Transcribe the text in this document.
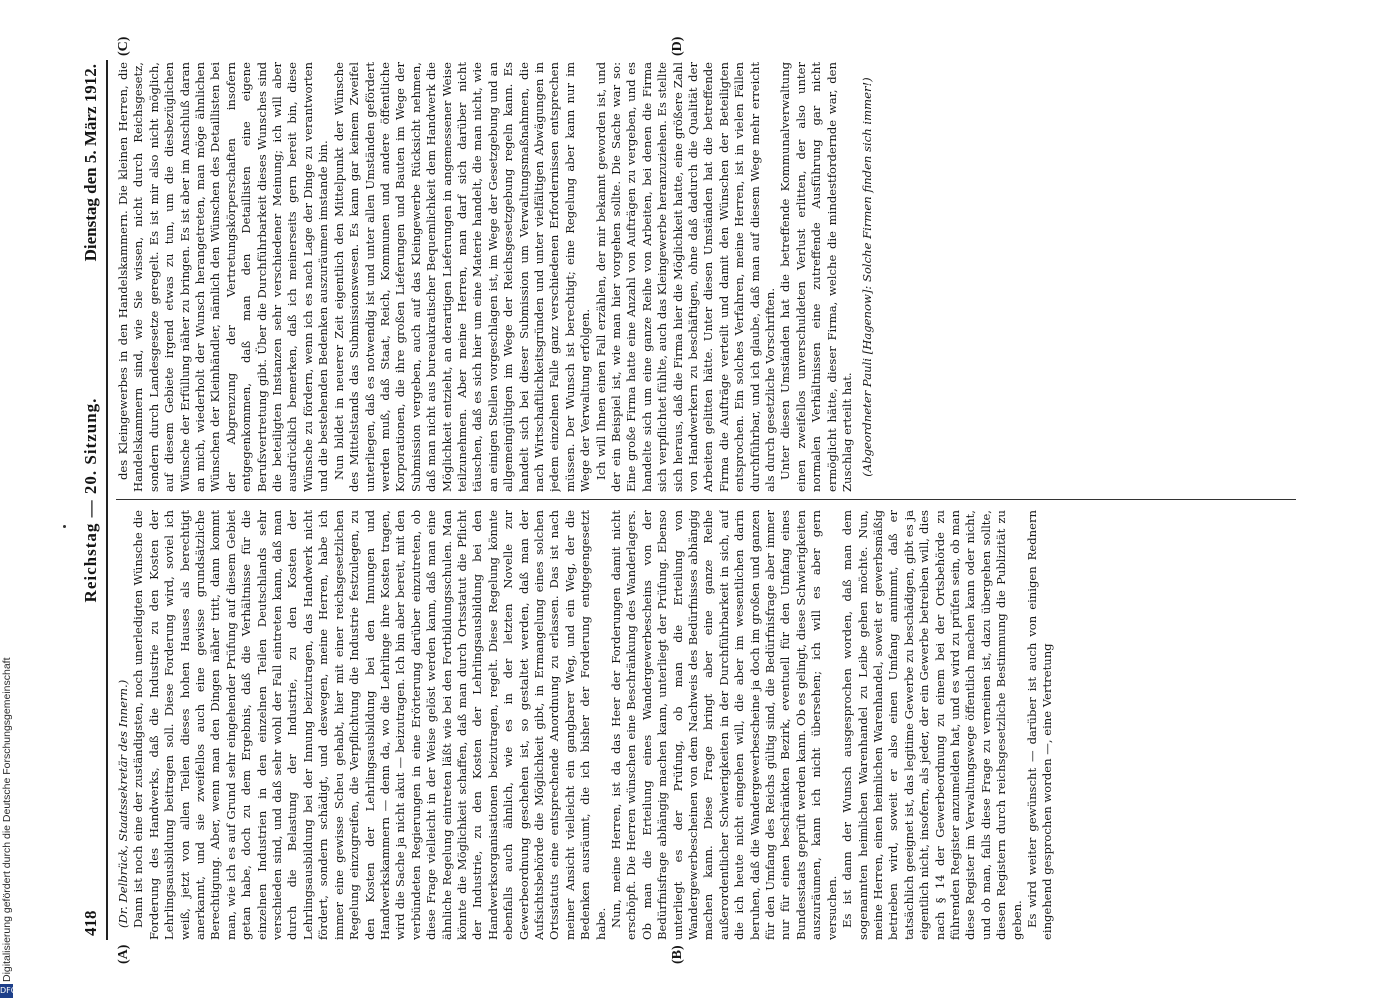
418
Reichstag — 20. Sitzung.
Dienstag den 5. März 1912.
(A)	(B)
(C)	(D)

(Dr. Delbrück, Staatssekretär des Innern.) Dann ist noch eine der zuständigsten, noch unerledigten Wünsche die Forderung des Handwerks, daß die Industrie zu den Kosten der Lehrlingsausbildung beitragen soll. Diese Forderung wird, soviel ich weiß, jetzt von allen Teilen dieses hohen Hauses als berechtigt anerkannt, und sie zweifellos auch eine gewisse grundsätzliche Berechtigung. Aber, wenn man den Dingen näher tritt, dann kommt man, wie ich es auf Grund sehr eingehender Prüfung auf diesem Gebiet getan habe, doch zu dem Ergebnis, daß die Verhältnisse für die einzelnen Industrien in den einzelnen Teilen Deutschlands sehr verschieden sind, und daß sehr wohl der Fall eintreten kann, daß man durch die Belastung der Industrie, zu den Kosten der Lehrlingsausbildung bei der Innung beizutragen, das Handwerk nicht fördert, sondern schädigt, und deswegen, meine Herren, habe ich immer eine gewisse Scheu gehabt, hier mit einer reichsgesetzlichen Regelung einzugreifen, die Verpflichtung die Industrie festzulegen, zu den Kosten der Lehrlingsausbildung bei den Innungen und Handwerkskammern — denn da, wo die Lehrlinge ihre Kosten tragen, wird die Sache ja nicht akut — beizutragen. Ich bin aber bereit, mit den verbündeten Regierungen in eine Erörterung darüber einzutreten, ob diese Frage vielleicht in der Weise gelöst werden kann, daß man eine ähnliche Regelung eintreten läßt wie bei den Fortbildungsschulen. Man könnte die Möglichkeit schaffen, daß man durch Ortsstatut die Pflicht der Industrie, zu den Kosten der Lehrlingsausbildung bei den Handwerksorganisationen beizutragen, regelt. Diese Regelung könnte ebenfalls auch ähnlich, wie es in der letzten Novelle zur Gewerbeordnung geschehen ist, so gestaltet werden, daß man der Aufsichtsbehörde die Möglichkeit gibt, in Ermangelung eines solchen Ortsstatuts eine entsprechende Anordnung zu erlassen. Das ist nach meiner Ansicht vielleicht ein gangbarer Weg, und ein Weg, der die Bedenken ausräumt, die ich bisher der Forderung entgegengesetzt habe. Nun, meine Herren, ist da das Heer der Forderungen damit nicht erschöpft. Die Herren wünschen eine Beschränkung des Wanderlagers. Ob man die Erteilung eines Wandergewerbescheins von der Bedürfnisfrage abhängig machen kann, unterliegt der Prüfung. Ebenso unterliegt es der Prüfung, ob man die Erteilung von Wandergewerbescheinen von dem Nachweis des Bedürfnisses abhängig machen kann. Diese Frage bringt aber eine ganze Reihe außerordentlicher Schwierigkeiten in der Durchführbarkeit in sich, auf die ich heute nicht eingehen will, die aber im wesentlichen darin beruhen, daß die Wandergewerbescheine ja doch im großen und ganzen für den Umfang des Reichs gültig sind, die Bedürfnisfrage aber immer nur für einen beschränkten Bezirk, eventuell für den Umfang eines Bundesstaats geprüft werden kann. Ob es gelingt, diese Schwierigkeiten auszuräumen, kann ich nicht übersehen; ich will es aber gern versuchen. Es ist dann der Wunsch ausgesprochen worden, daß man dem sogenannten heimlichen Warenhandel zu Leibe gehen möchte. Nun, meine Herren, einen heimlichen Warenhandel, soweit er gewerbsmäßig betrieben wird, soweit er also einen Umfang annimmt, daß er tatsächlich geeignet ist, das legitime Gewerbe zu beschädigen, gibt es ja eigentlich nicht, insofern, als jeder, der ein Gewerbe betreiben will, dies nach § 14 der Gewerbeordnung zu einem bei der Ortsbehörde zu führenden Register anzumelden hat, und es wird zu prüfen sein, ob man diese Register im Verwaltungswege öffentlich machen kann oder nicht, und ob man, falls diese Frage zu verneinen ist, dazu übergehen sollte, diesen Registern durch reichsgesetzliche Bestimmung die Publizität zu geben. Es wird weiter gewünscht — darüber ist auch von einigen Rednern eingehend gesprochen worden —, eine Vertretung

des Kleingewerbes in den Handelskammern. Die kleinen Herren, die Handelskammern sind, wie Sie wissen, nicht durch Reichsgesetz, sondern durch Landesgesetze geregelt. Es ist mir also nicht möglich, auf diesem Gebiete irgend etwas zu tun, um die diesbezüglichen Wünsche der Erfüllung näher zu bringen. Es ist aber im Anschluß daran an mich, wiederholt der Wunsch herangetreten, man möge ähnlichen Wünschen der Kleinhändler, nämlich den Wünschen des Detaillisten bei der Abgrenzung der Vertretungskörperschaften insofern entgegenkommen, daß man den Detaillisten eine eigene Berufsvertretung gibt. Über die Durchführbarkeit dieses Wunsches sind die beteiligten Instanzen sehr verschiedener Meinung; ich will aber ausdrücklich bemerken, daß ich meinerseits gern bereit bin, diese Wünsche zu fördern, wenn ich es nach Lage der Dinge zu verantworten und die bestehenden Bedenken auszuräumen imstande bin. Nun bildet in neuerer Zeit eigentlich den Mittelpunkt der Wünsche des Mittelstands das Submissionswesen. Es kann gar keinem Zweifel unterliegen, daß es notwendig ist und unter allen Umständen gefördert werden muß, daß Staat, Reich, Kommunen und andere öffentliche Korporationen, die ihre großen Lieferungen und Bauten im Wege der Submission vergeben, auch auf das Kleingewerbe Rücksicht nehmen, daß man nicht aus bureaukratischer Bequemlichkeit dem Handwerk die Möglichkeit entzieht, an derartigen Lieferungen in angemessener Weise teilzunehmen. Aber meine Herren, man darf sich darüber nicht täuschen, daß es sich hier um eine Materie handelt, die man nicht, wie an einigen Stellen vorgeschlagen ist, im Wege der Gesetzgebung und an allgemeingültigen im Wege der Reichsgesetzgebung regeln kann. Es handelt sich bei dieser Submission um Verwaltungsmaßnahmen, die nach Wirtschaftlichkeitsgründen und unter vielfältigen Abwägungen in jedem einzelnen Falle ganz verschiedenen Erfordernissen entsprechen müssen. Der Wunsch ist berechtigt; eine Regelung aber kann nur im Wege der Verwaltung erfolgen. Ich will Ihnen einen Fall erzählen, der mir bekannt geworden ist, und der ein Beispiel ist, wie man hier vorgehen sollte. Die Sache war so: Eine große Firma hatte eine Anzahl von Aufträgen zu vergeben, und es handelte sich um eine ganze Reihe von Arbeiten, bei denen die Firma sich verpflichtet fühlte, auch das Kleingewerbe heranzuziehen. Es stellte sich heraus, daß die Firma hier die Möglichkeit hatte, eine größere Zahl von Handwerkern zu beschäftigen, ohne daß dadurch die Qualität der Arbeiten gelitten hätte. Unter diesen Umständen hat die betreffende Firma die Aufträge verteilt und damit den Wünschen der Beteiligten entsprochen. Ein solches Verfahren, meine Herren, ist in vielen Fällen durchführbar, und ich glaube, daß man auf diesem Wege mehr erreicht als durch gesetzliche Vorschriften. Unter diesen Umständen hat die betreffende Kommunalverwaltung einen zweifellos unverschuldeten Verlust erlitten, der also unter normalen Verhältnissen eine zutreffende Ausführung gar nicht ermöglicht hätte, dieser Firma, welche die mindestfordernde war, den Zuschlag erteilt hat. (Abgeordneter Pauli [Hagenow]: Solche Firmen finden sich immer!)

Digitalisierung gefördert durch die Deutsche Forschungsgemeinschaft
DFG
